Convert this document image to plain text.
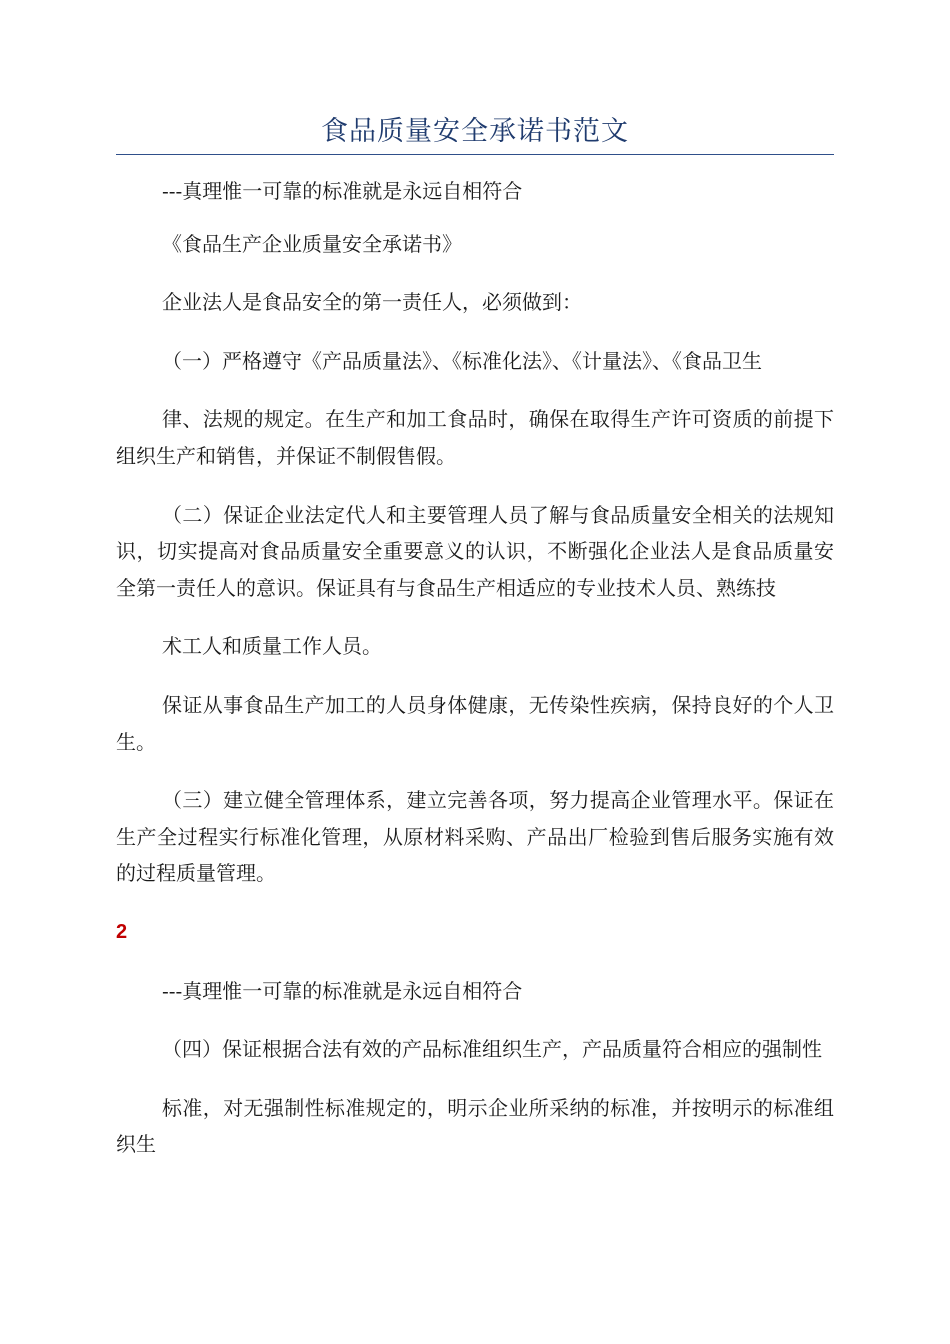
食品质量安全承诺书范文

---真理惟一可靠的标准就是永远自相符合

《食品生产企业质量安全承诺书》

企业法人是食品安全的第一责任人，必须做到：

（一）严格遵守《产品质量法》、《标准化法》、《计量法》、《食品卫生

律、法规的规定。在生产和加工食品时，确保在取得生产许可资质的前提下组织生产和销售，并保证不制假售假。

（二）保证企业法定代人和主要管理人员了解与食品质量安全相关的法规知识，切实提高对食品质量安全重要意义的认识，不断强化企业法人是食品质量安全第一责任人的意识。保证具有与食品生产相适应的专业技术人员、熟练技

术工人和质量工作人员。

保证从事食品生产加工的人员身体健康，无传染性疾病，保持良好的个人卫生。

（三）建立健全管理体系，建立完善各项，努力提高企业管理水平。保证在生产全过程实行标准化管理，从原材料采购、产品出厂检验到售后服务实施有效的过程质量管理。

2

---真理惟一可靠的标准就是永远自相符合

（四）保证根据合法有效的产品标准组织生产，产品质量符合相应的强制性

标准，对无强制性标准规定的，明示企业所采纳的标准，并按明示的标准组织生
